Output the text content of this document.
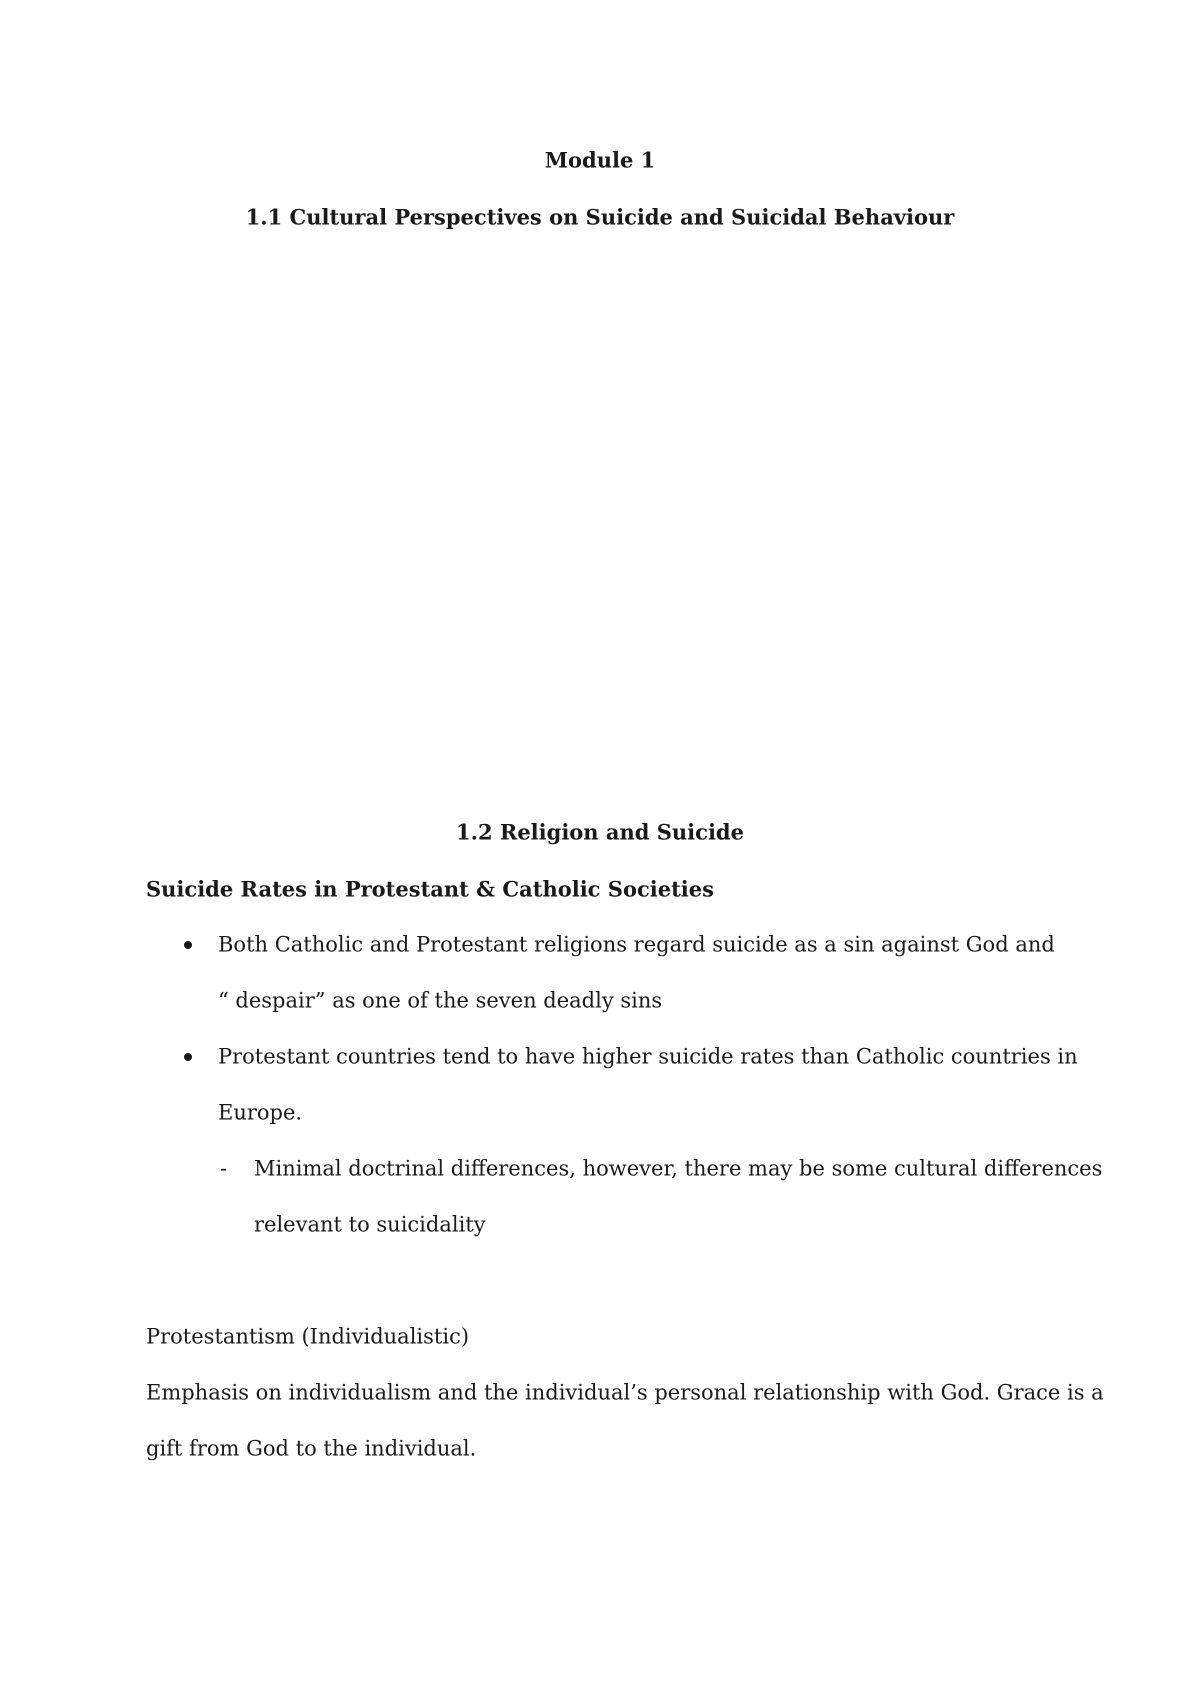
Module 1
1.1 Cultural Perspectives on Suicide and Suicidal Behaviour
1.2 Religion and Suicide
Suicide Rates in Protestant & Catholic Societies
Both Catholic and Protestant religions regard suicide as a sin against God and
“ despair” as one of the seven deadly sins
Protestant countries tend to have higher suicide rates than Catholic countries in
Europe.
- Minimal doctrinal differences, however, there may be some cultural differences
relevant to suicidality
Protestantism (Individualistic)
Emphasis on individualism and the individual’s personal relationship with God. Grace is a
gift from God to the individual.
